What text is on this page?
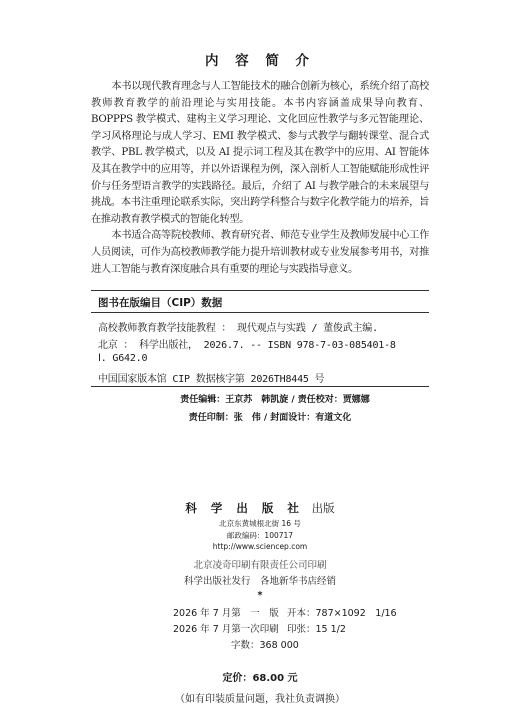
内 容 简 介

本书以现代教育理念与人工智能技术的融合创新为核心，系统介绍了高校教师教育教学的前沿理论与实用技能。本书内容涵盖成果导向教育、BOPPPS 教学模式、建构主义学习理论、文化回应性教学与多元智能理论、学习风格理论与成人学习、EMI 教学模式、参与式教学与翻转课堂、混合式教学、PBL 教学模式，以及 AI 提示词工程及其在教学中的应用、AI 智能体及其在教学中的应用等，并以外语课程为例，深入剖析人工智能赋能形成性评价与任务型语言教学的实践路径。最后，介绍了 AI 与教学融合的未来展望与挑战。本书注重理论联系实际，突出跨学科整合与数字化教学能力的培养，旨在推动教育教学模式的智能化转型。

本书适合高等院校教师、教育研究者、师范专业学生及教师发展中心工作人员阅读，可作为高校教师教学能力提升培训教材或专业发展参考用书，对推进人工智能与教育深度融合具有重要的理论与实践指导意义。

图书在版编目（CIP）数据
高校教师教育教学技能教程 ： 现代观点与实践 / 董俊武主编.
北京 ： 科学出版社， 2026.7. -- ISBN 978-7-03-085401-8
Ⅰ. G642.0
中国国家版本馆 CIP 数据核字第 2026TH8445 号
责任编辑：王京苏　韩凯旋 / 责任校对：贾娜娜
责任印制：张　伟 / 封面设计：有道文化
科 学 出 版 社 出版
北京东黄城根北街 16 号
邮政编码：100717
http://www.sciencep.com
北京凌奇印刷有限责任公司印刷
科学出版社发行　各地新华书店经销
*
2026 年 7 月第　一　版 开本：787×1092　1/16
2026 年 7 月第一次印刷 印张：15 1/2
字数：368 000
定价：68.00 元
（如有印装质量问题，我社负责调换）
